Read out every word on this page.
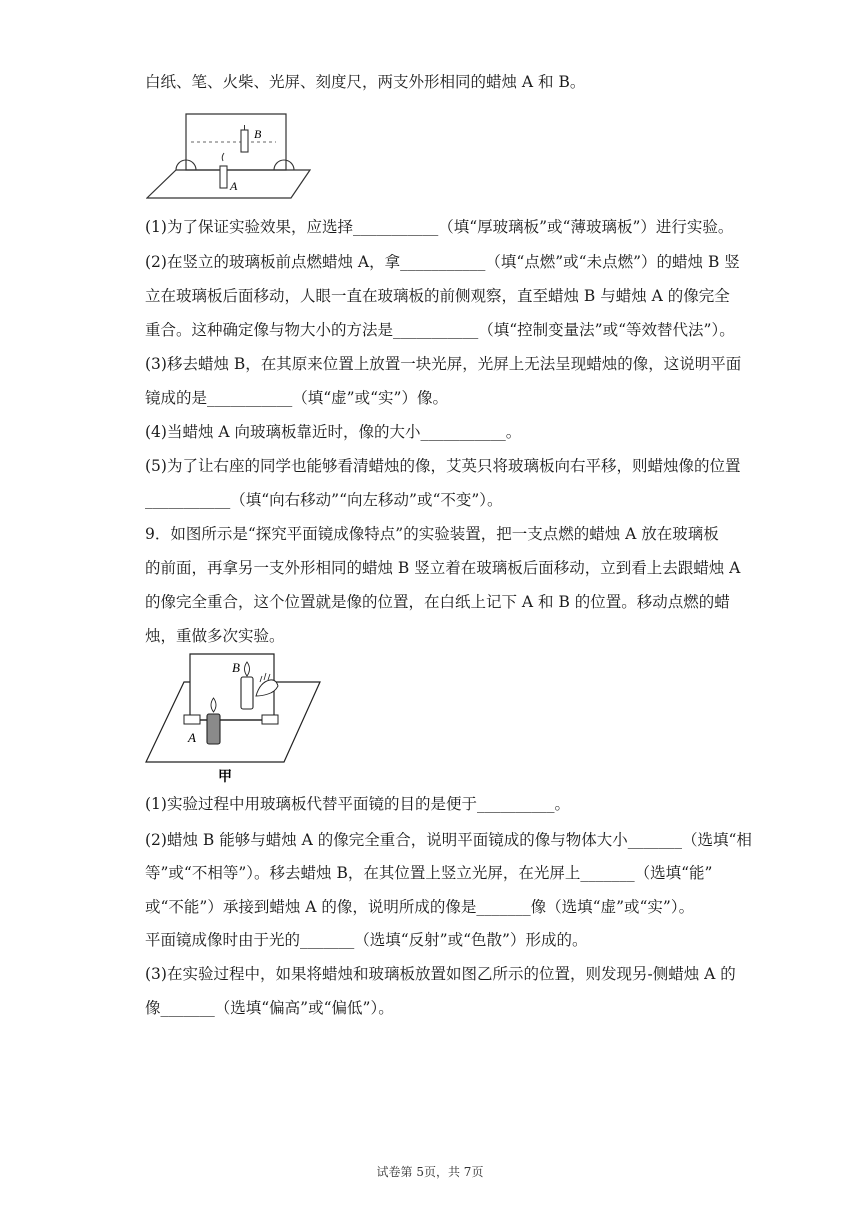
白纸、笔、火柴、光屏、刻度尺，两支外形相同的蜡烛 A 和 B。
B
A
(1)为了保证实验效果，应选择___________（填“厚玻璃板”或“薄玻璃板”）进行实验。
(2)在竖立的玻璃板前点燃蜡烛 A，拿___________（填“点燃”或“未点燃”）的蜡烛 B 竖
立在玻璃板后面移动，人眼一直在玻璃板的前侧观察，直至蜡烛 B 与蜡烛 A 的像完全
重合。这种确定像与物大小的方法是___________（填“控制变量法”或“等效替代法”）。
(3)移去蜡烛 B，在其原来位置上放置一块光屏，光屏上无法呈现蜡烛的像，这说明平面
镜成的是___________（填“虚”或“实”）像。
(4)当蜡烛 A 向玻璃板靠近时，像的大小___________。
(5)为了让右座的同学也能够看清蜡烛的像，艾英只将玻璃板向右平移，则蜡烛像的位置
___________（填“向右移动”“向左移动”或“不变”）。
9．如图所示是“探究平面镜成像特点”的实验装置，把一支点燃的蜡烛 A 放在玻璃板
的前面，再拿另一支外形相同的蜡烛 B 竖立着在玻璃板后面移动，立到看上去跟蜡烛 A
的像完全重合，这个位置就是像的位置，在白纸上记下 A 和 B 的位置。移动点燃的蜡
烛，重做多次实验。
B
A
甲
(1)实验过程中用玻璃板代替平面镜的目的是便于__________。
(2)蜡烛 B 能够与蜡烛 A 的像完全重合，说明平面镜成的像与物体大小_______（选填“相
等”或“不相等”）。移去蜡烛 B，在其位置上竖立光屏，在光屏上_______（选填“能”
或“不能”）承接到蜡烛 A 的像，说明所成的像是_______像（选填“虚”或“实”）。
平面镜成像时由于光的_______（选填“反射”或“色散”）形成的。
(3)在实验过程中，如果将蜡烛和玻璃板放置如图乙所示的位置，则发现另-侧蜡烛 A 的
像_______（选填“偏高”或“偏低”）。
试卷第 5页，共 7页
